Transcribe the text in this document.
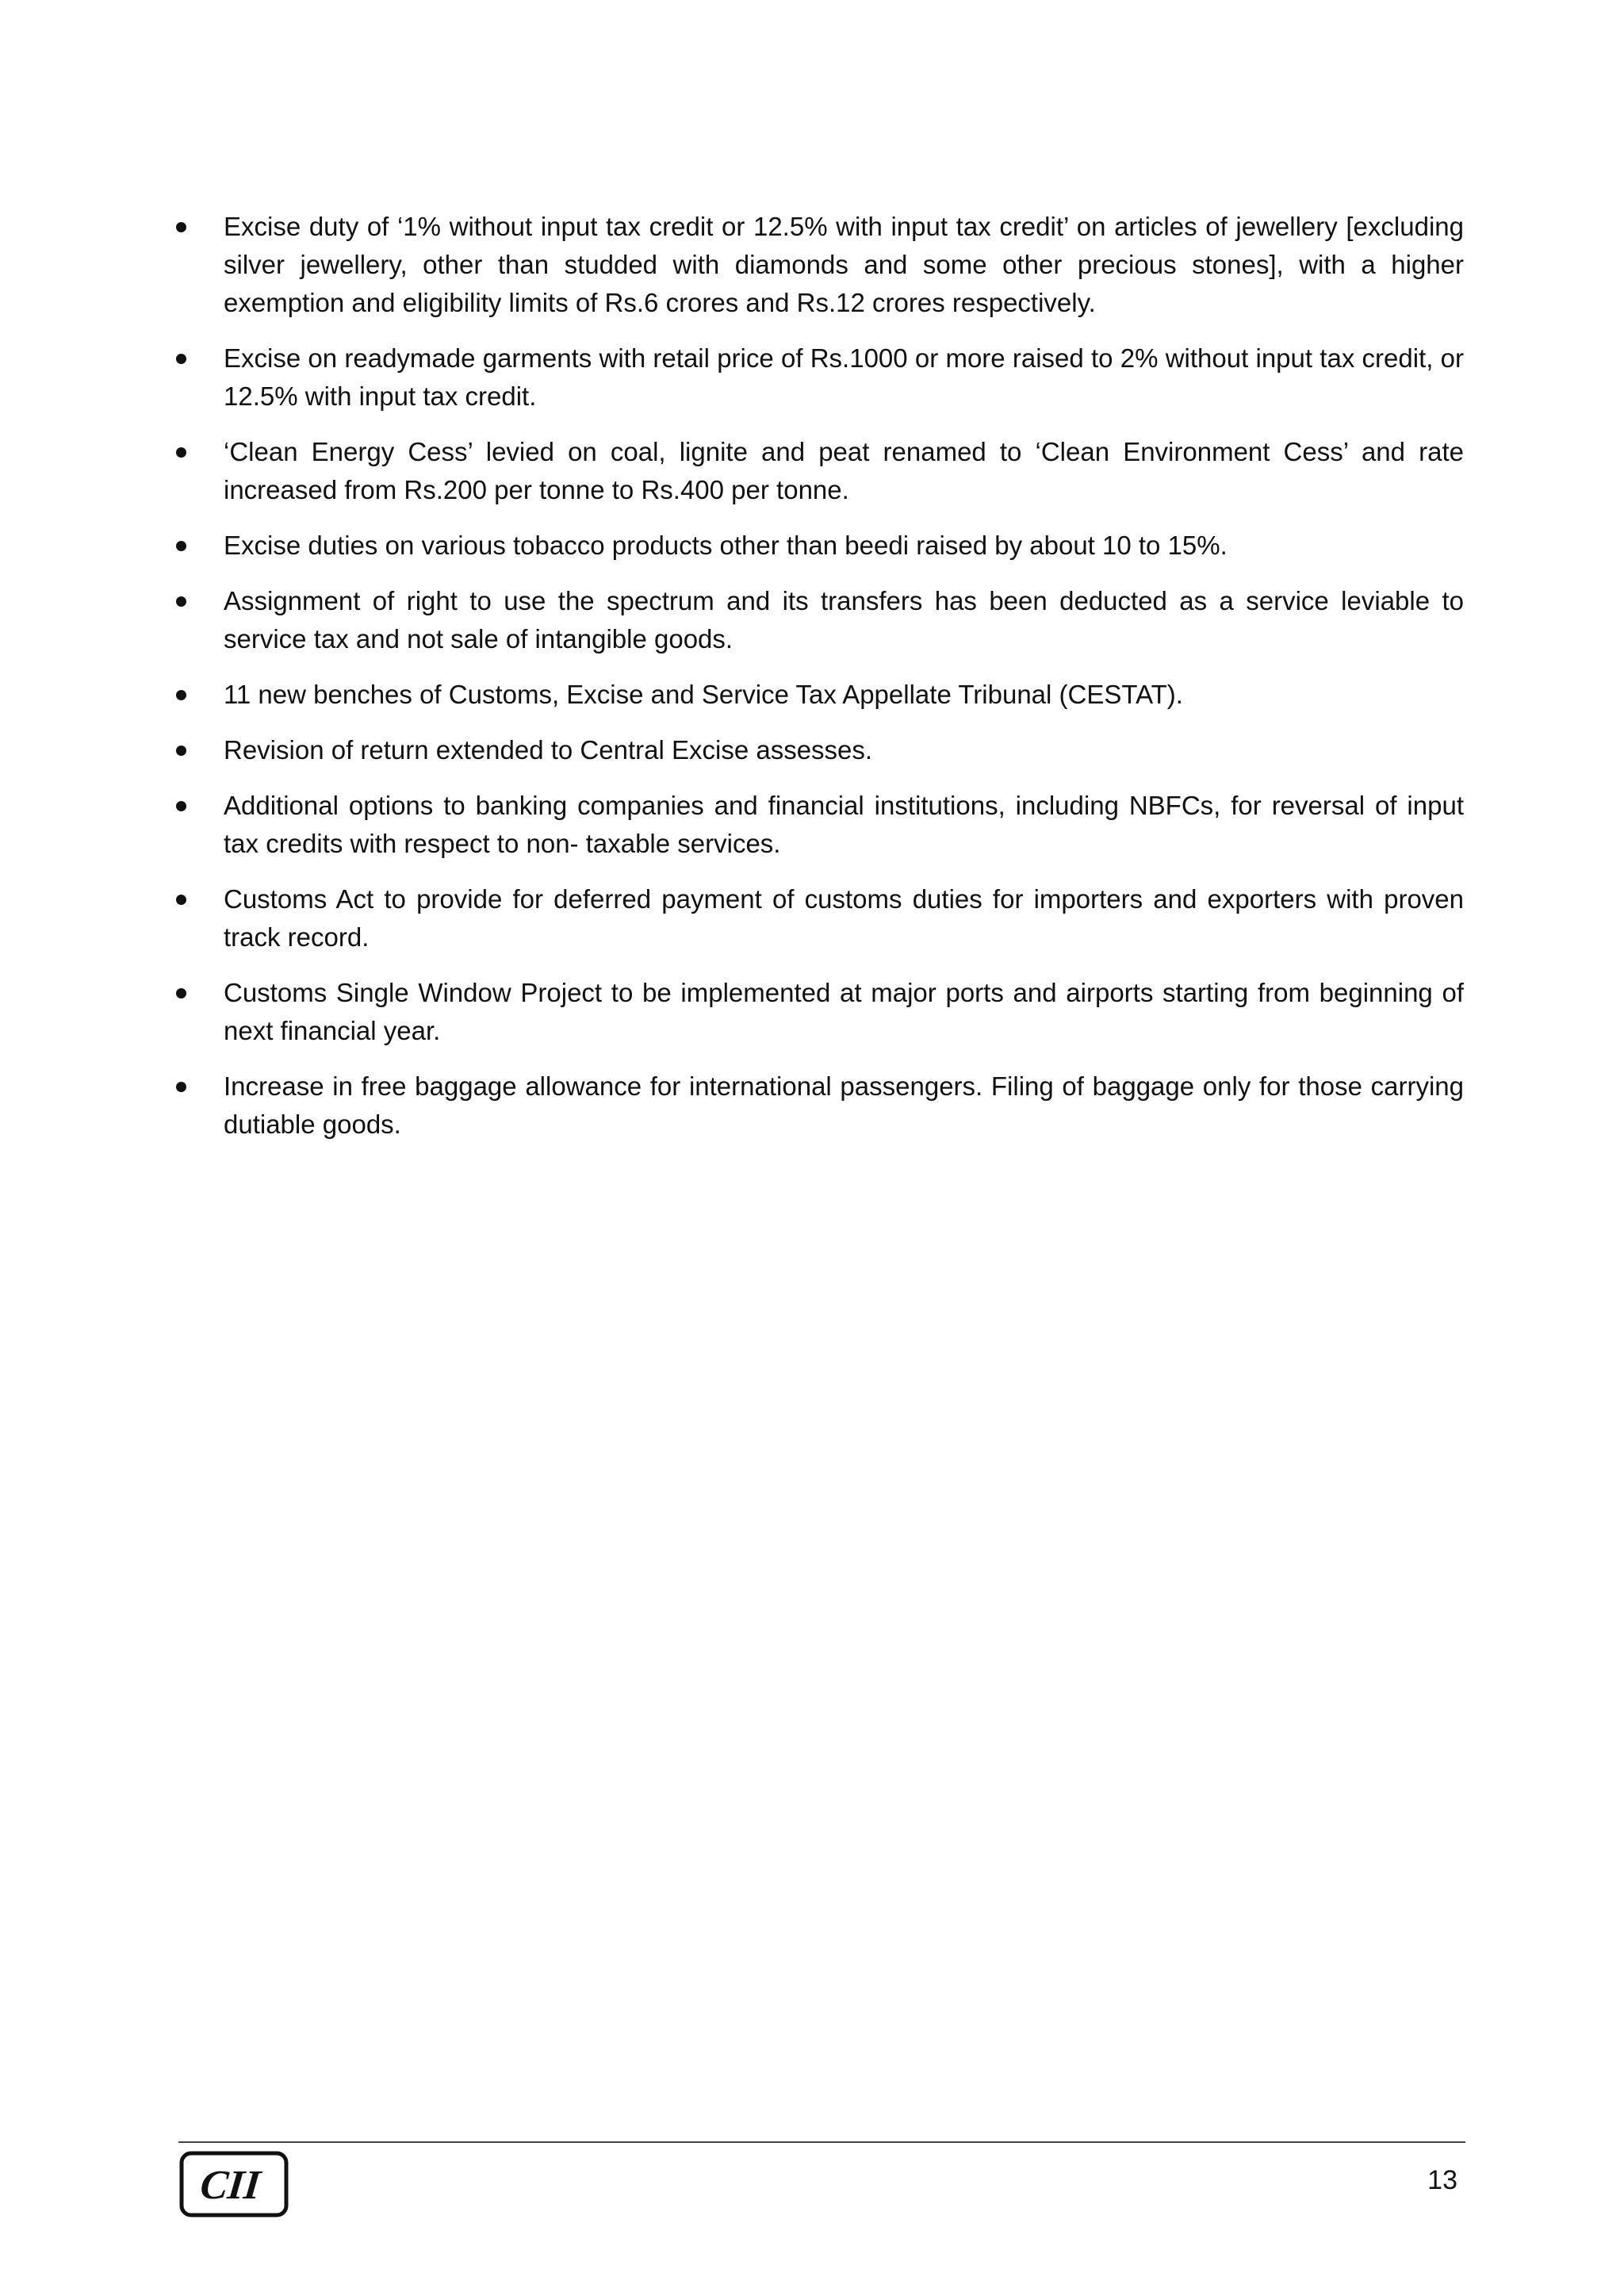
Excise duty of ‘1% without input tax credit or 12.5% with input tax credit’ on articles of jewellery [excluding silver jewellery, other than studded with diamonds and some other precious stones], with a higher exemption and eligibility limits of Rs.6 crores and Rs.12 crores respectively.
Excise on readymade garments with retail price of Rs.1000 or more raised to 2% without input tax credit, or 12.5% with input tax credit.
‘Clean Energy Cess’ levied on coal, lignite and peat renamed to ‘Clean Environment Cess’ and rate increased from Rs.200 per tonne to Rs.400 per tonne.
Excise duties on various tobacco products other than beedi raised by about 10 to 15%.
Assignment of right to use the spectrum and its transfers has been deducted as a service leviable to service tax and not sale of intangible goods.
11 new benches of Customs, Excise and Service Tax Appellate Tribunal (CESTAT).
Revision of return extended to Central Excise assesses.
Additional options to banking companies and financial institutions, including NBFCs, for reversal of input tax credits with respect to non- taxable services.
Customs Act to provide for deferred payment of customs duties for importers and exporters with proven track record.
Customs Single Window Project to be implemented at major ports and airports starting from beginning of next financial year.
Increase in free baggage allowance for international passengers. Filing of baggage only for those carrying dutiable goods.
CII	13
